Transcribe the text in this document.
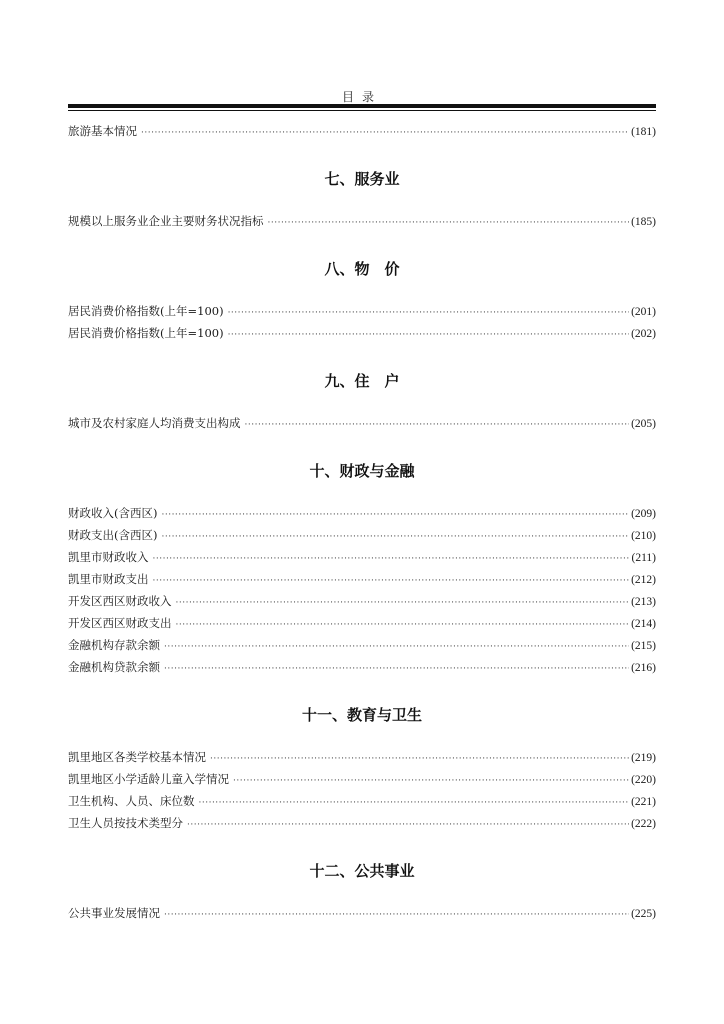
目录
旅游基本情况 ·····	(181)
七、服务业
规模以上服务业企业主要财务状况指标 ·····	(185)
八、物　价
居民消费价格指数(上年=100) ·····	(201)
居民消费价格指数(上年=100) ·····	(202)
九、住　户
城市及农村家庭人均消费支出构成 ·····	(205)
十、财政与金融
财政收入(含西区) ·····	(209)
财政支出(含西区) ·····	(210)
凯里市财政收入 ·····	(211)
凯里市财政支出 ·····	(212)
开发区西区财政收入 ·····	(213)
开发区西区财政支出 ·····	(214)
金融机构存款余额 ·····	(215)
金融机构贷款余额 ·····	(216)
十一、教育与卫生
凯里地区各类学校基本情况 ·····	(219)
凯里地区小学适龄儿童入学情况 ·····	(220)
卫生机构、人员、床位数 ·····	(221)
卫生人员按技术类型分 ·····	(222)
十二、公共事业
公共事业发展情况 ·····	(225)
